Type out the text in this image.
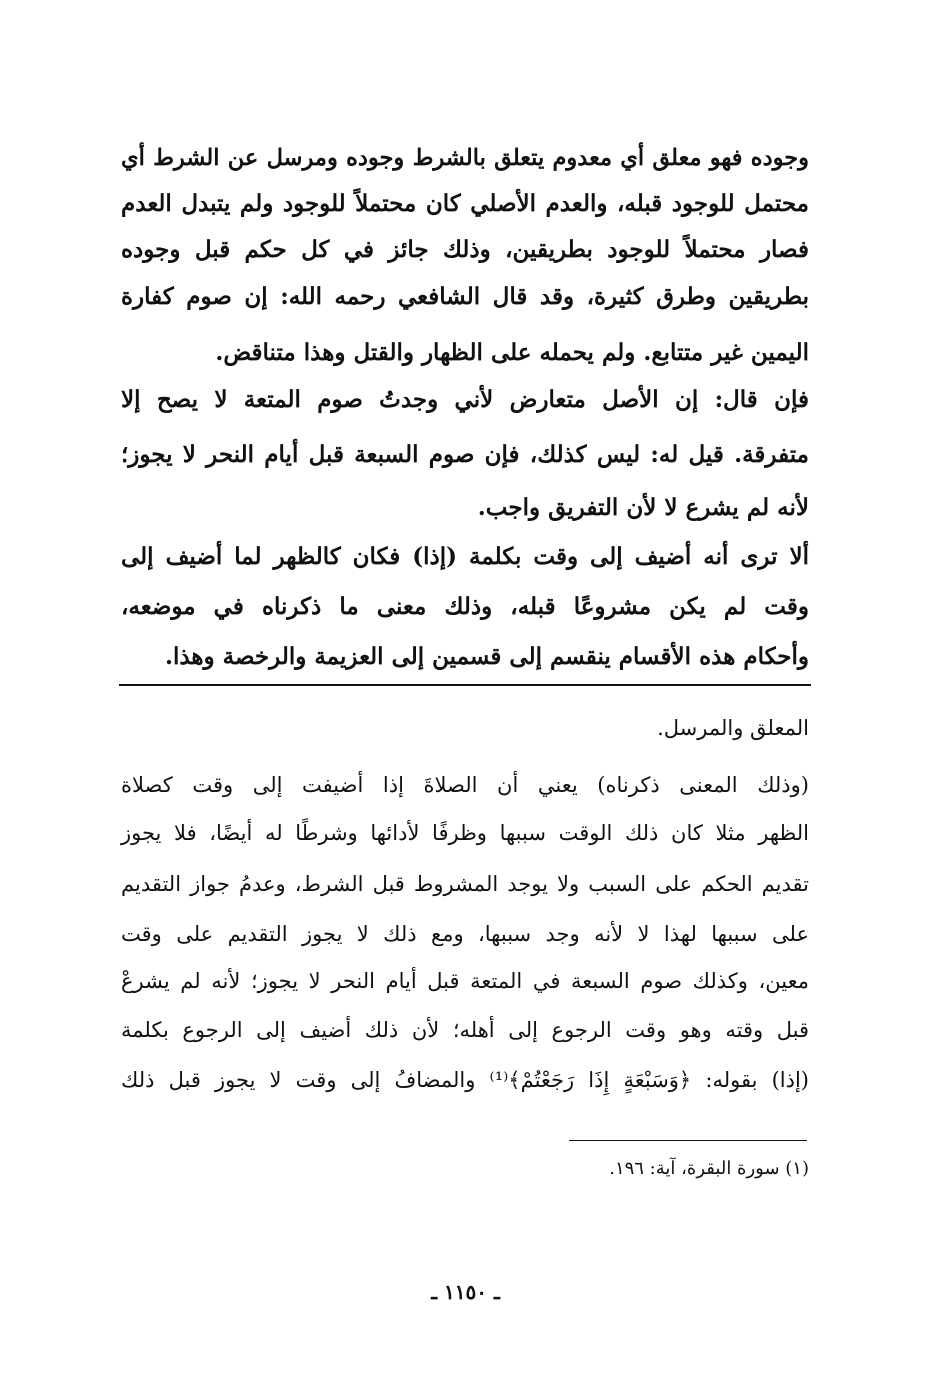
وجوده فهو معلق أي معدوم يتعلق بالشرط وجوده ومرسل عن الشرط أي
محتمل للوجود قبله، والعدم الأصلي كان محتملاً للوجود ولم يتبدل العدم
فصار محتملاً للوجود بطريقين، وذلك جائز في كل حكم قبل وجوده
بطريقين وطرق كثيرة، وقد قال الشافعي رحمه الله: إن صوم كفارة
اليمين غير متتابع. ولم يحمله على الظهار والقتل وهذا متناقض.
فإن قال: إن الأصل متعارض لأني وجدتُ صوم المتعة لا يصح إلا
متفرقة. قيل له: ليس كذلك، فإن صوم السبعة قبل أيام النحر لا يجوز؛
لأنه لم يشرع لا لأن التفريق واجب.
ألا ترى أنه أضيف إلى وقت بكلمة (إذا) فكان كالظهر لما أضيف إلى
وقت لم يكن مشروعًا قبله، وذلك معنى ما ذكرناه في موضعه،
وأحكام هذه الأقسام ينقسم إلى قسمين إلى العزيمة والرخصة وهذا.
المعلق والمرسل.
(وذلك المعنى ذكرناه) يعني أن الصلاةَ إذا أضيفت إلى وقت كصلاة
الظهر مثلا كان ذلك الوقت سببها وظرفًا لأدائها وشرطًا له أيضًا، فلا يجوز
تقديم الحكم على السبب ولا يوجد المشروط قبل الشرط، وعدمُ جواز التقديم
على سببها لهذا لا لأنه وجد سببها، ومع ذلك لا يجوز التقديم على وقت
معين، وكذلك صوم السبعة في المتعة قبل أيام النحر لا يجوز؛ لأنه لم يشرعْ
قبل وقته وهو وقت الرجوع إلى أهله؛ لأن ذلك أضيف إلى الرجوع بكلمة
(إذا) بقوله: ﴿وَسَبْعَةٍ إِذَا رَجَعْتُمْ﴾⁽¹⁾ والمضافُ إلى وقت لا يجوز قبل ذلك
(١) سورة البقرة، آية: ١٩٦.
ـ ١١٥٠ ـ
